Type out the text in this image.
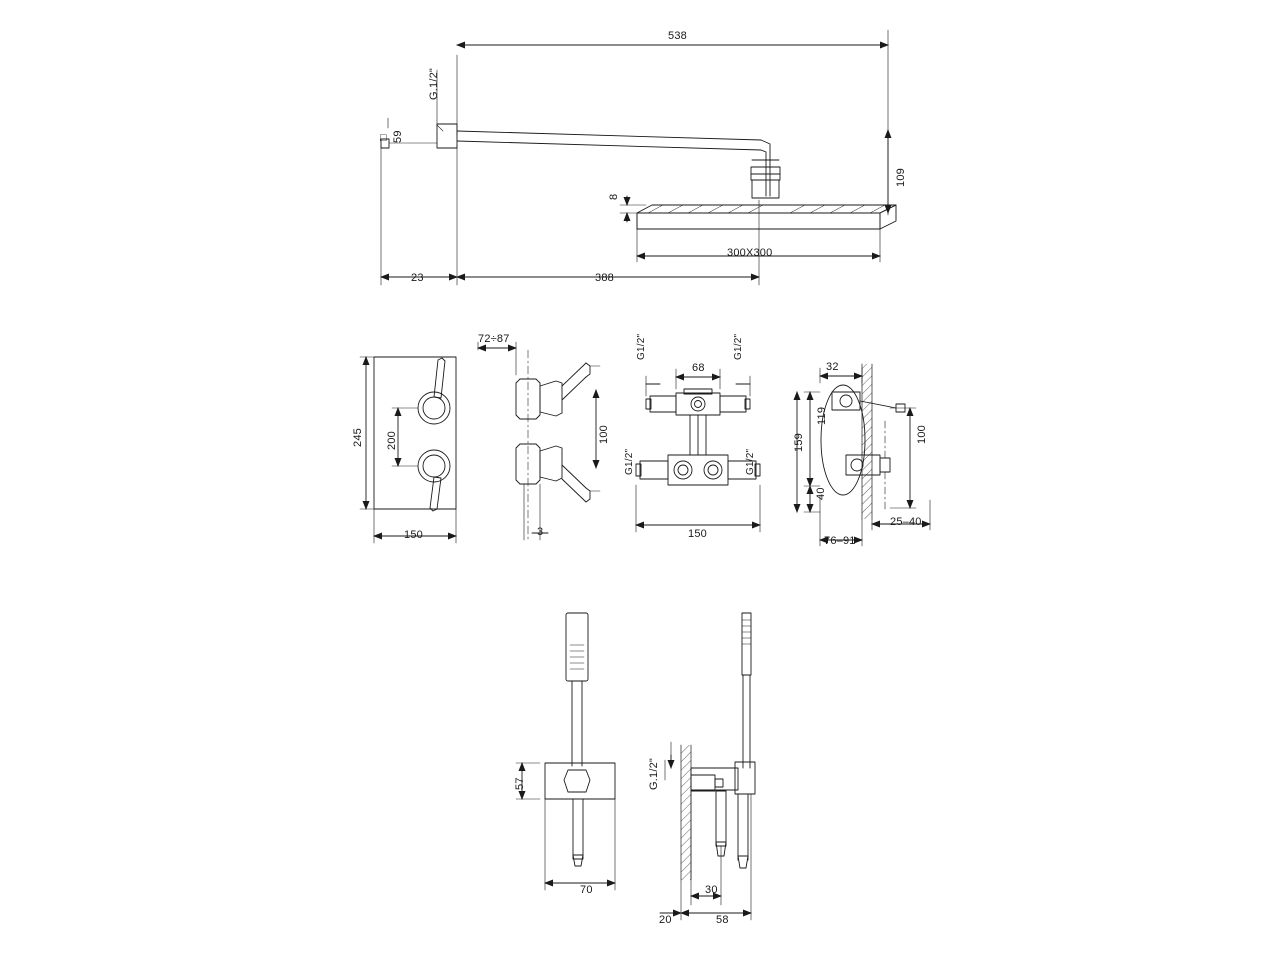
538
G.1/2"
59
□
109
8
300X300
23	388
245 200
150
72÷87
100
3
G1/2"
68
G1/2"
G1/2"	G1/2"
150
32
119
159
40
100
25–40
76–91
57
70
G.1/2"
30
20	58
